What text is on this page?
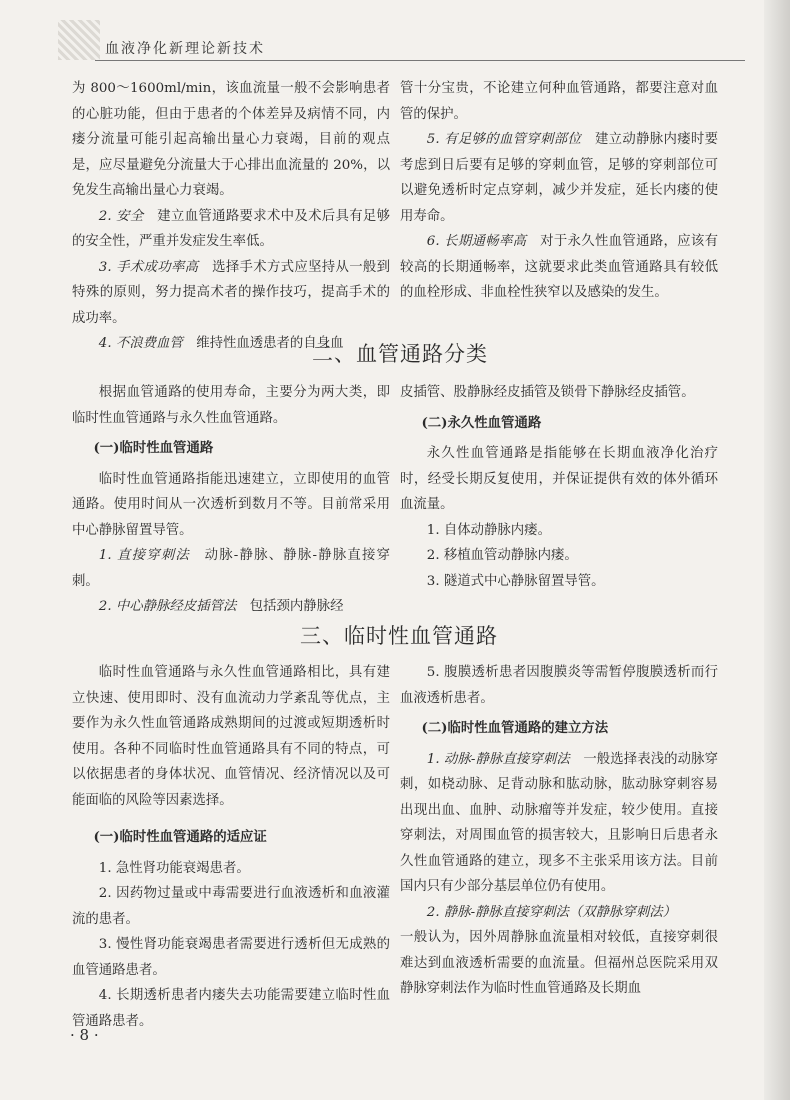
血液净化新理论新技术

为 800～1600ml/min，该血流量一般不会影响患者的心脏功能，但由于患者的个体差异及病情不同，内瘘分流量可能引起高输出量心力衰竭，目前的观点是，应尽量避免分流量大于心排出血流量的 20%，以免发生高输出量心力衰竭。

2. 安全　 建立血管通路要求术中及术后具有足够的安全性，严重并发症发生率低。

3. 手术成功率高　 选择手术方式应坚持从一般到特殊的原则，努力提高术者的操作技巧，提高手术的成功率。

4. 不浪费血管　 维持性血透患者的自身血

管十分宝贵，不论建立何种血管通路，都要注意对血管的保护。

5. 有足够的血管穿刺部位　 建立动静脉内瘘时要考虑到日后要有足够的穿刺血管，足够的穿刺部位可以避免透析时定点穿刺，减少并发症，延长内瘘的使用寿命。

6. 长期通畅率高　 对于永久性血管通路，应该有较高的长期通畅率，这就要求此类血管通路具有较低的血栓形成、非血栓性狭窄以及感染的发生。

二、血管通路分类

根据血管通路的使用寿命，主要分为两大类，即临时性血管通路与永久性血管通路。

(一)临时性血管通路

临时性血管通路指能迅速建立，立即使用的血管通路。使用时间从一次透析到数月不等。目前常采用中心静脉留置导管。

1. 直接穿刺法　 动脉-静脉、静脉-静脉直接穿刺。

2. 中心静脉经皮插管法　 包括颈内静脉经

皮插管、股静脉经皮插管及锁骨下静脉经皮插管。

(二)永久性血管通路

永久性血管通路是指能够在长期血液净化治疗时，经受长期反复使用，并保证提供有效的体外循环血流量。

1. 自体动静脉内瘘。

2. 移植血管动静脉内瘘。

3. 隧道式中心静脉留置导管。

三、临时性血管通路

临时性血管通路与永久性血管通路相比，具有建立快速、使用即时、没有血流动力学紊乱等优点，主要作为永久性血管通路成熟期间的过渡或短期透析时使用。各种不同临时性血管通路具有不同的特点，可以依据患者的身体状况、血管情况、经济情况以及可能面临的风险等因素选择。

(一)临时性血管通路的适应证

1. 急性肾功能衰竭患者。

2. 因药物过量或中毒需要进行血液透析和血液灌流的患者。

3. 慢性肾功能衰竭患者需要进行透析但无成熟的血管通路患者。

4. 长期透析患者内瘘失去功能需要建立临时性血管通路患者。

5. 腹膜透析患者因腹膜炎等需暂停腹膜透析而行血液透析患者。

(二)临时性血管通路的建立方法

1. 动脉-静脉直接穿刺法　 一般选择表浅的动脉穿刺，如桡动脉、足背动脉和肱动脉，肱动脉穿刺容易出现出血、血肿、动脉瘤等并发症，较少使用。直接穿刺法，对周围血管的损害较大，且影响日后患者永久性血管通路的建立，现多不主张采用该方法。目前国内只有少部分基层单位仍有使用。

2. 静脉-静脉直接穿刺法（双静脉穿刺法）

一般认为，因外周静脉血流量相对较低，直接穿刺很难达到血液透析需要的血流量。但福州总医院采用双静脉穿刺法作为临时性血管通路及长期血

· 8 ·
